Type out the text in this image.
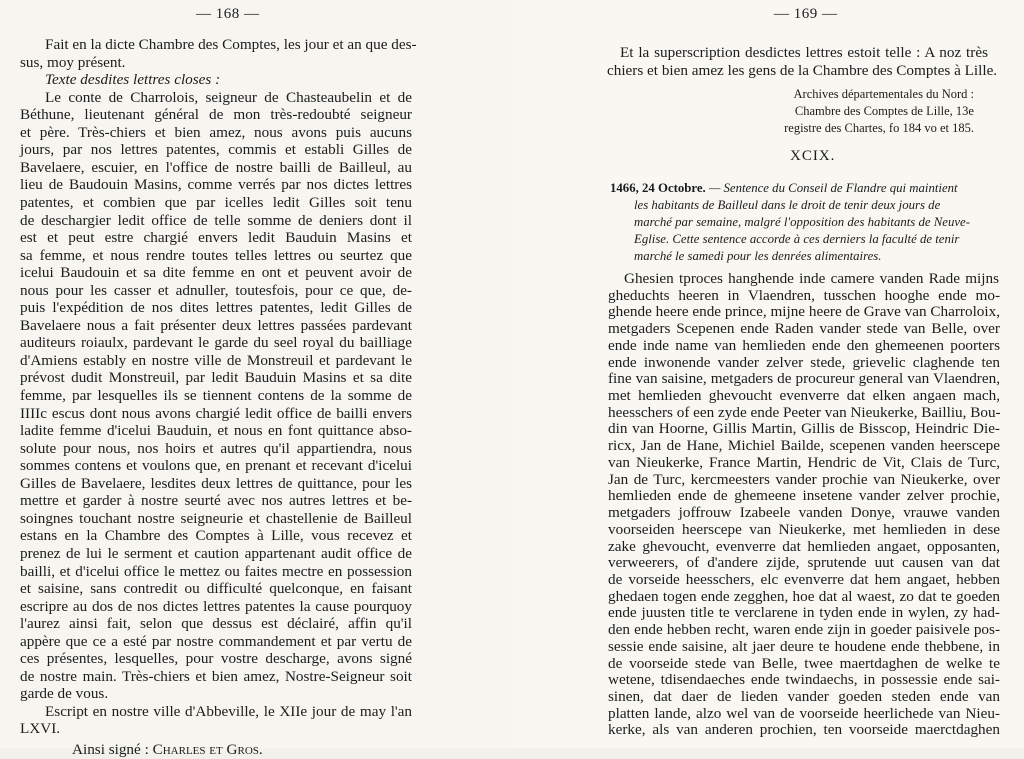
— 168 —
Fait en la dicte Chambre des Comptes, les jour et an que des-
sus, moy présent.
Texte desdites lettres closes :
Le conte de Charrolois, seigneur de Chasteaubelin et de
Béthune, lieutenant général de mon très-redoubté seigneur
et père. Très-chiers et bien amez, nous avons puis aucuns
jours, par nos lettres patentes, commis et establi Gilles de
Bavelaere, escuier, en l'office de nostre bailli de Bailleul, au
lieu de Baudouin Masins, comme verrés par nos dictes lettres
patentes, et combien que par icelles ledit Gilles soit tenu
de deschargier ledit office de telle somme de deniers dont il
est et peut estre chargié envers ledit Bauduin Masins et
sa femme, et nous rendre toutes telles lettres ou seurtez que
icelui Baudouin et sa dite femme en ont et peuvent avoir de
nous pour les casser et adnuller, toutesfois, pour ce que, de-
puis l'expédition de nos dites lettres patentes, ledit Gilles de
Bavelaere nous a fait présenter deux lettres passées pardevant
auditeurs roiaulx, pardevant le garde du seel royal du bailliage
d'Amiens estably en nostre ville de Monstreuil et pardevant le
prévost dudit Monstreuil, par ledit Bauduin Masins et sa dite
femme, par lesquelles ils se tiennent contens de la somme de
IIIIc escus dont nous avons chargié ledit office de bailli envers
ladite femme d'icelui Bauduin, et nous en font quittance abso-
solute pour nous, nos hoirs et autres qu'il appartiendra, nous
sommes contens et voulons que, en prenant et recevant d'icelui
Gilles de Bavelaere, lesdites deux lettres de quittance, pour les
mettre et garder à nostre seurté avec nos autres lettres et be-
soingnes touchant nostre seigneurie et chastellenie de Bailleul
estans en la Chambre des Comptes à Lille, vous recevez et
prenez de lui le serment et caution appartenant audit office de
bailli, et d'icelui office le mettez ou faites mectre en possession
et saisine, sans contredit ou difficulté quelconque, en faisant
escripre au dos de nos dictes lettres patentes la cause pourquoy
l'aurez ainsi fait, selon que dessus est déclairé, affin qu'il
appère que ce a esté par nostre commandement et par vertu de
ces présentes, lesquelles, pour vostre descharge, avons signé
de nostre main. Très-chiers et bien amez, Nostre-Seigneur soit
garde de vous.
Escript en nostre ville d'Abbeville, le XIIe jour de may l'an
LXVI.
Ainsi signé : Charles et Gros.
— 169 —
Et la superscription desdictes lettres estoit telle : A noz très
chiers et bien amez les gens de la Chambre des Comptes à Lille.
Archives départementales du Nord :
Chambre des Comptes de Lille, 13e
registre des Chartes, fo 184 vo et 185.
XCIX.
1466, 24 Octobre. — Sentence du Conseil de Flandre qui maintient
les habitants de Bailleul dans le droit de tenir deux jours de
marché par semaine, malgré l'opposition des habitants de Neuve-
Eglise. Cette sentence accorde à ces derniers la faculté de tenir
marché le samedi pour les denrées alimentaires.
Ghesien tproces hanghende inde camere vanden Rade mijns
gheduchts heeren in Vlaendren, tusschen hooghe ende mo-
ghende heere ende prince, mijne heere de Grave van Charroloix,
metgaders Scepenen ende Raden vander stede van Belle, over
ende inde name van hemlieden ende den ghemeenen poorters
ende inwonende vander zelver stede, grievelic claghende ten
fine van saisine, metgaders de procureur general van Vlaendren,
met hemlieden ghevoucht evenverre dat elken angaen mach,
heesschers of een zyde ende Peeter van Nieukerke, Bailliu, Bou-
din van Hoorne, Gillis Martin, Gillis de Bisscop, Heindric Die-
ricx, Jan de Hane, Michiel Bailde, scepenen vanden heerscepe
van Nieukerke, France Martin, Hendric de Vit, Clais de Turc,
Jan de Turc, kercmeesters vander prochie van Nieukerke, over
hemlieden ende de ghemeene insetene vander zelver prochie,
metgaders joffrouw Izabeele vanden Donye, vrauwe vanden
voorseiden heerscepe van Nieukerke, met hemlieden in dese
zake ghevoucht, evenverre dat hemlieden angaet, opposanten,
verweerers, of d'andere zijde, sprutende uut causen van dat
de vorseide heesschers, elc evenverre dat hem angaet, hebben
ghedaen togen ende zegghen, hoe dat al waest, zo dat te goeden
ende juusten title te verclarene in tyden ende in wylen, zy had-
den ende hebben recht, waren ende zijn in goeder paisivele pos-
sessie ende saisine, alt jaer deure te houdene ende thebbene, in
de voorseide stede van Belle, twee maertdaghen de welke te
wetene, tdisendaeches ende twindaechs, in possessie ende sai-
sinen, dat daer de lieden vander goeden steden ende van
platten lande, alzo wel van de voorseide heerlichede van Nieu-
kerke, als van anderen prochien, ten voorseide maerctdaghen
